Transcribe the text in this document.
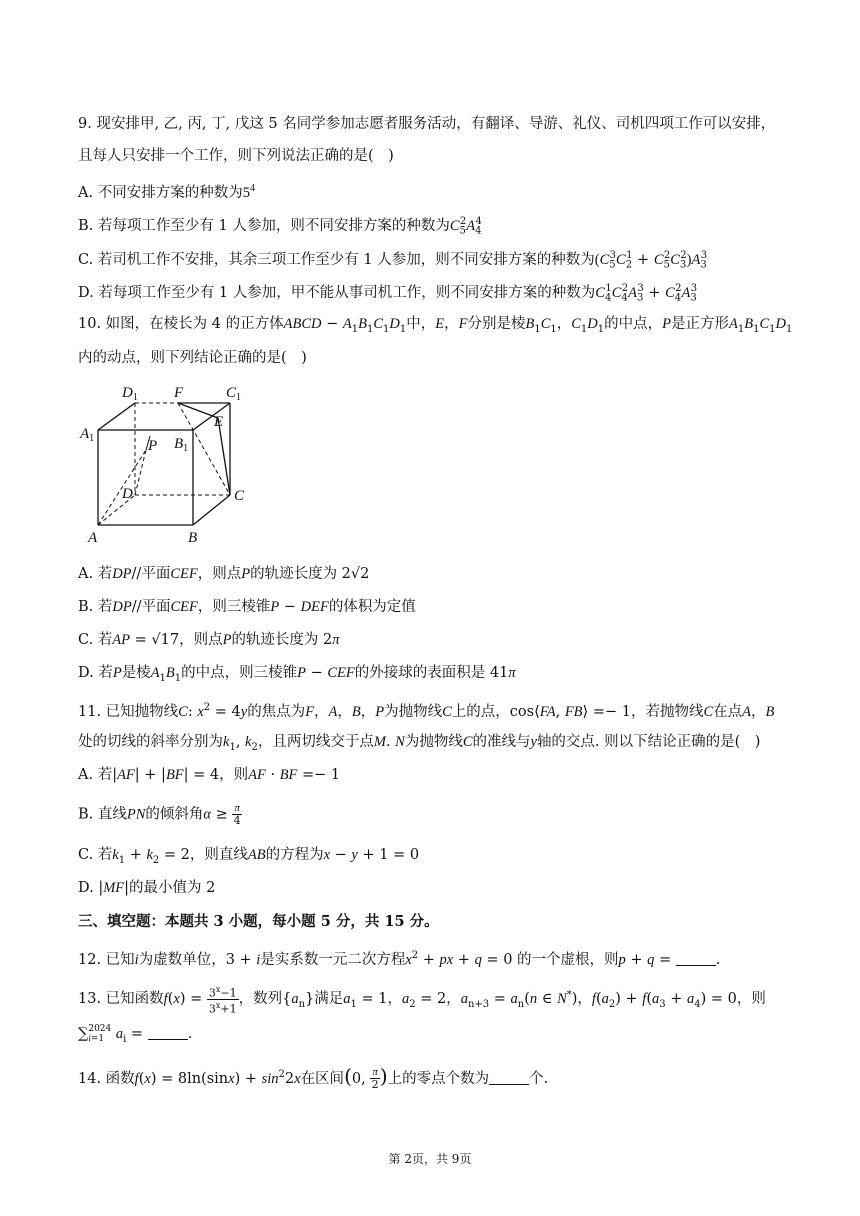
9. 现安排甲, 乙, 丙, 丁, 戊这 5 名同学参加志愿者服务活动，有翻译、导游、礼仪、司机四项工作可以安排，
且每人只安排一个工作，则下列说法正确的是(　)
A. 不同安排方案的种数为$5^4$
B. 若每项工作至少有 1 人参加，则不同安排方案的种数为$C_5^2A_4^4$
C. 若司机工作不安排，其余三项工作至少有 1 人参加，则不同安排方案的种数为$(C_5^3C_2^1 + C_5^2C_3^2)A_3^3$
D. 若每项工作至少有 1 人参加，甲不能从事司机工作，则不同安排方案的种数为$C_4^1C_4^2A_3^3 + C_4^2A_3^3$
10. 如图，在棱长为 4 的正方体ABCD − $A_1B_1C_1D_1$中，E，F分别是棱$B_1C_1$，$C_1D_1$的中点，P是正方形$A_1B_1C_1D_1$
内的动点，则下列结论正确的是(　)
$D_1$ F	$C_1$
$A_1$	P $B_1$
E
D	C
A	B
A. 若DP//平面CEF，则点P的轨迹长度为 2√2
B. 若DP//平面CEF，则三棱锥P − DEF的体积为定值
C. 若AP = √17，则点P的轨迹长度为 2π
D. 若P是棱$A_1B_1$的中点，则三棱锥P − CEF的外接球的表面积是 41π
11. 已知抛物线C: $x^2 = 4y$的焦点为F，A，B，P为抛物线C上的点，cos⟨FA, FB⟩ =− 1，若抛物线C在点A，B
处的切线的斜率分别为$k_1$, $k_2$，且两切线交于点M. N为抛物线C的准线与y轴的交点. 则以下结论正确的是(　)
A. 若|AF| + |BF| = 4，则AF · BF =− 1
B. 直线PN的倾斜角$\alpha \ge \frac{\pi}{4}$
C. 若$k_1 + k_2 = 2$，则直线AB的方程为x − y + 1 = 0
D. |MF|的最小值为 2
三、填空题：本题共 3 小题，每小题 5 分，共 15 分。
12. 已知i为虚数单位，3 + i是实系数一元二次方程$x^2$ + px + q = 0 的一个虚根，则p + q =	.
13. 已知函数$f(x) = \frac{3^x-1}{3^x+1}$ ，数列$\{a_n\}$满足$a_1 = 1$，$a_2 = 2$，$a_{n+3} = a_n(n$ ∈ N*)，$f(a_2) + f(a_3 + a_4) = 0$，则
∑ 2024
i=1 $a_i$ =	.
14. 函数$f(x) = 8\ln(\sin x) + \sin^22x$在区间(0, $\frac{\pi}{2}$ )上的零点个数为	个.
第 2页，共 9页
